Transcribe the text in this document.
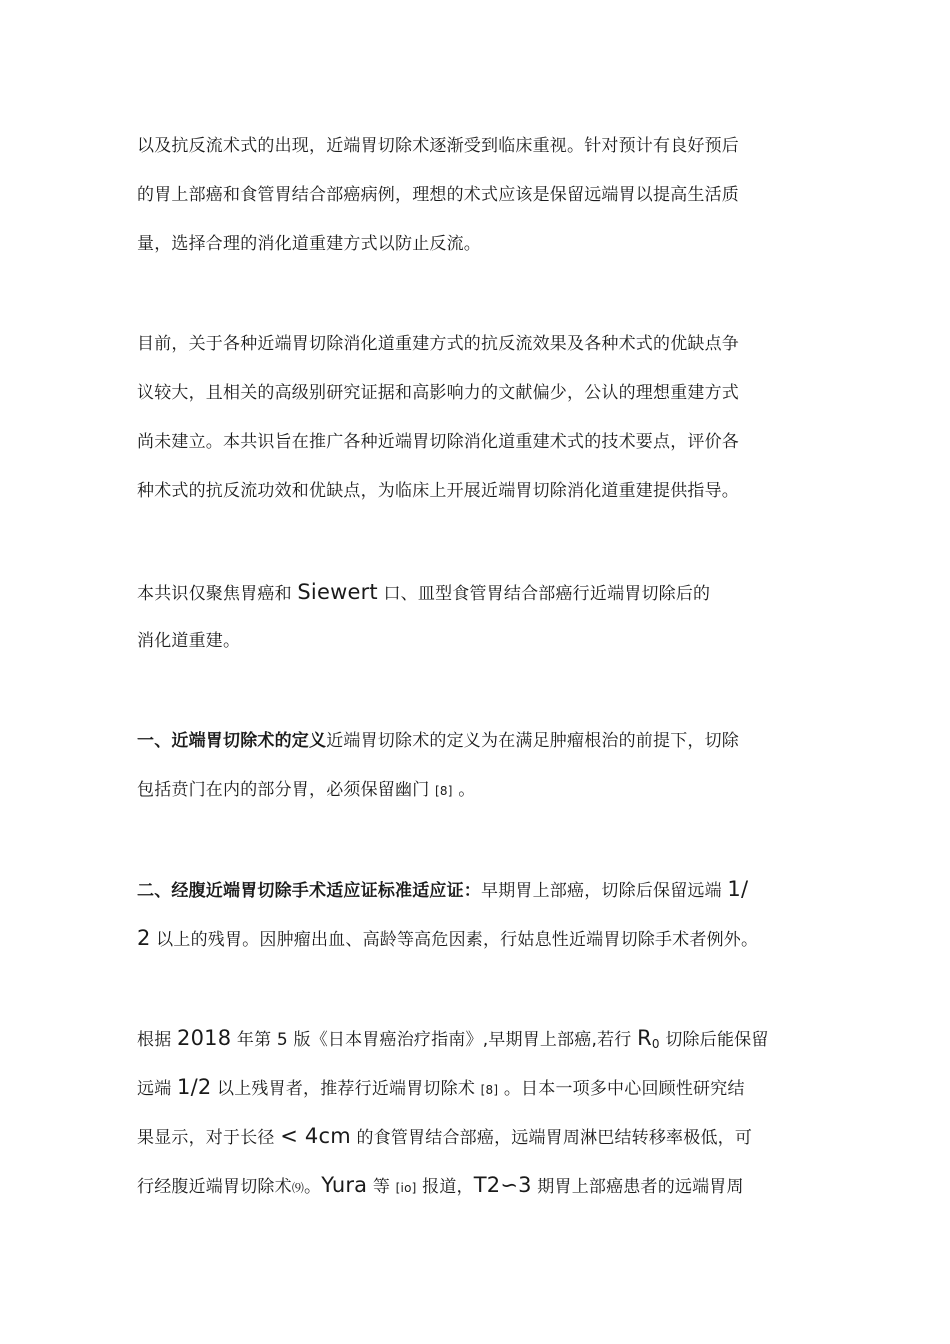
以及抗反流术式的出现，近端胃切除术逐渐受到临床重视。针对预计有良好预后
的胃上部癌和食管胃结合部癌病例，理想的术式应该是保留远端胃以提高生活质
量，选择合理的消化道重建方式以防止反流。
目前，关于各种近端胃切除消化道重建方式的抗反流效果及各种术式的优缺点争
议较大，且相关的高级别研究证据和高影响力的文献偏少，公认的理想重建方式
尚未建立。本共识旨在推广各种近端胃切除消化道重建术式的技术要点，评价各
种术式的抗反流功效和优缺点，为临床上开展近端胃切除消化道重建提供指导。
本共识仅聚焦胃癌和 Siewert 口、皿型食管胃结合部癌行近端胃切除后的
消化道重建。
一、近端胃切除术的定义近端胃切除术的定义为在满足肿瘤根治的前提下，切除
包括贲门在内的部分胃，必须保留幽门 [8] 。
二、经腹近端胃切除手术适应证标准适应证：早期胃上部癌，切除后保留远端 1/
2 以上的残胃。因肿瘤出血、高龄等高危因素，行姑息性近端胃切除手术者例外。
根据 2018 年第 5 版《日本胃癌治疗指南》,早期胃上部癌,若行 $R_0$ 切除后能保留
远端 1/2 以上残胃者，推荐行近端胃切除术 [8] 。日本一项多中心回顾性研究结
果显示，对于长径 < 4cm 的食管胃结合部癌，远端胃周淋巴结转移率极低，可
行经腹近端胃切除术⑼。Yura 等 [io] 报道，T2∽3 期胃上部癌患者的远端胃周
